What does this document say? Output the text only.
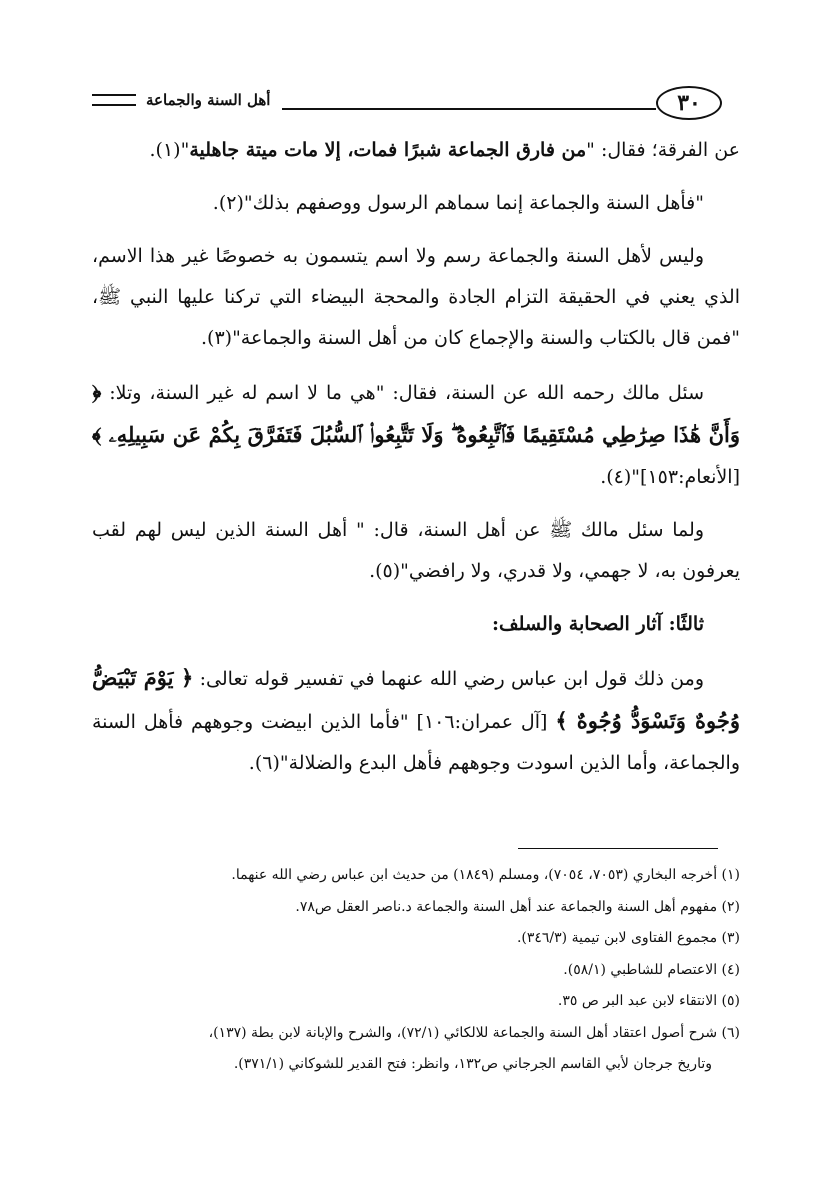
٣٠
أهل السنة والجماعة

عن الفرقة؛ فقال: "من فارق الجماعة شبرًا فمات، إلا مات ميتة جاهلية"(١).

"فأهل السنة والجماعة إنما سماهم الرسول ووصفهم بذلك"(٢).

وليس لأهل السنة والجماعة رسم ولا اسم يتسمون به خصوصًا غير هذا الاسم، الذي يعني في الحقيقة التزام الجادة والمحجة البيضاء التي تركنا عليها النبي ﷺ، "فمن قال بالكتاب والسنة والإجماع كان من أهل السنة والجماعة"(٣).

سئل مالك رحمه الله عن السنة، فقال: "هي ما لا اسم له غير السنة، وتلا: ﴿ وَأَنَّ هَٰذَا صِرَٰطِي مُسْتَقِيمًا فَٱتَّبِعُوهُ ۖ وَلَا تَتَّبِعُوا۟ ٱلسُّبُلَ فَتَفَرَّقَ بِكُمْ عَن سَبِيلِهِۦ ﴾ [الأنعام:١٥٣]"(٤).

ولما سئل مالك ﷺ عن أهل السنة، قال: " أهل السنة الذين ليس لهم لقب يعرفون به، لا جهمي، ولا قدري، ولا رافضي"(٥).

ثالثًا: آثار الصحابة والسلف:

ومن ذلك قول ابن عباس رضي الله عنهما في تفسير قوله تعالى: ﴿ يَوْمَ تَبْيَضُّ وُجُوهٌ وَتَسْوَدُّ وُجُوهٌ ﴾ [آل عمران:١٠٦] "فأما الذين ابيضت وجوههم فأهل السنة والجماعة، وأما الذين اسودت وجوههم فأهل البدع والضلالة"(٦).

(١) أخرجه البخاري (٧٠٥٣، ٧٠٥٤)، ومسلم (١٨٤٩) من حديث ابن عباس رضي الله عنهما.

(٢) مفهوم أهل السنة والجماعة عند أهل السنة والجماعة د.ناصر العقل ص٧٨.

(٣) مجموع الفتاوى لابن تيمية (٣٤٦/٣).

(٤) الاعتصام للشاطبي (٥٨/١).

(٥) الانتقاء لابن عبد البر ص ٣٥.

(٦) شرح أصول اعتقاد أهل السنة والجماعة للالكائي (٧٢/١)، والشرح والإبانة لابن بطة (١٣٧)،

وتاريخ جرجان لأبي القاسم الجرجاني ص١٣٢، وانظر: فتح القدير للشوكاني (٣٧١/١).
